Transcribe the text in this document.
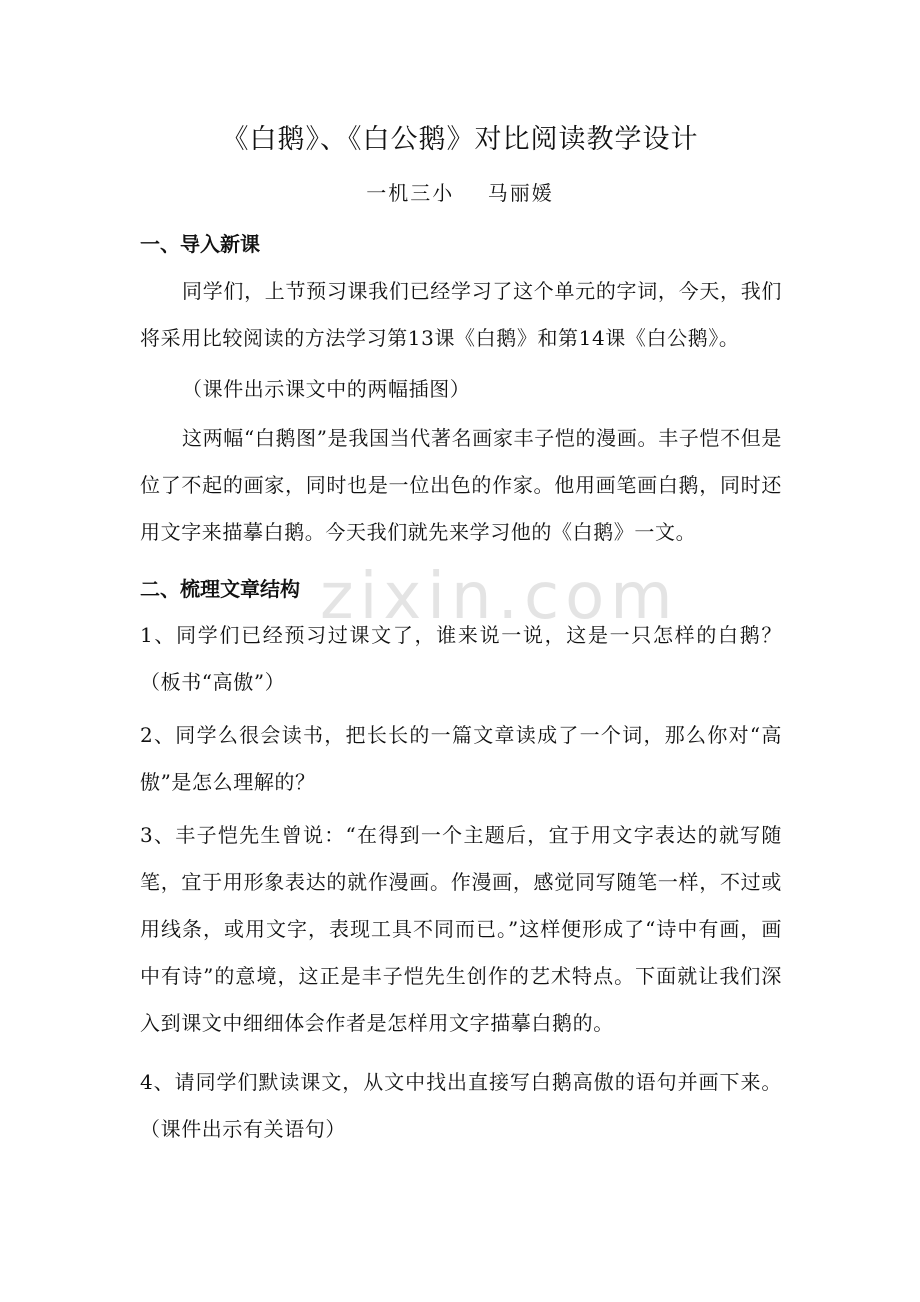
zixin.com
《白鹅》、《白公鹅》对比阅读教学设计

一机三小    马丽媛

一、导入新课

同学们，上节预习课我们已经学习了这个单元的字词，今天，我们将采用比较阅读的方法学习第13课《白鹅》和第14课《白公鹅》。

（课件出示课文中的两幅插图）

这两幅“白鹅图”是我国当代著名画家丰子恺的漫画。丰子恺不但是位了不起的画家，同时也是一位出色的作家。他用画笔画白鹅，同时还用文字来描摹白鹅。今天我们就先来学习他的《白鹅》一文。

二、梳理文章结构

1、同学们已经预习过课文了，谁来说一说，这是一只怎样的白鹅？（板书“高傲”）

2、同学么很会读书，把长长的一篇文章读成了一个词，那么你对“高傲”是怎么理解的？

3、丰子恺先生曾说：“在得到一个主题后，宜于用文字表达的就写随笔，宜于用形象表达的就作漫画。作漫画，感觉同写随笔一样，不过或用线条，或用文字，表现工具不同而已。”这样便形成了“诗中有画，画中有诗”的意境，这正是丰子恺先生创作的艺术特点。下面就让我们深入到课文中细细体会作者是怎样用文字描摹白鹅的。

4、请同学们默读课文，从文中找出直接写白鹅高傲的语句并画下来。（课件出示有关语句）
